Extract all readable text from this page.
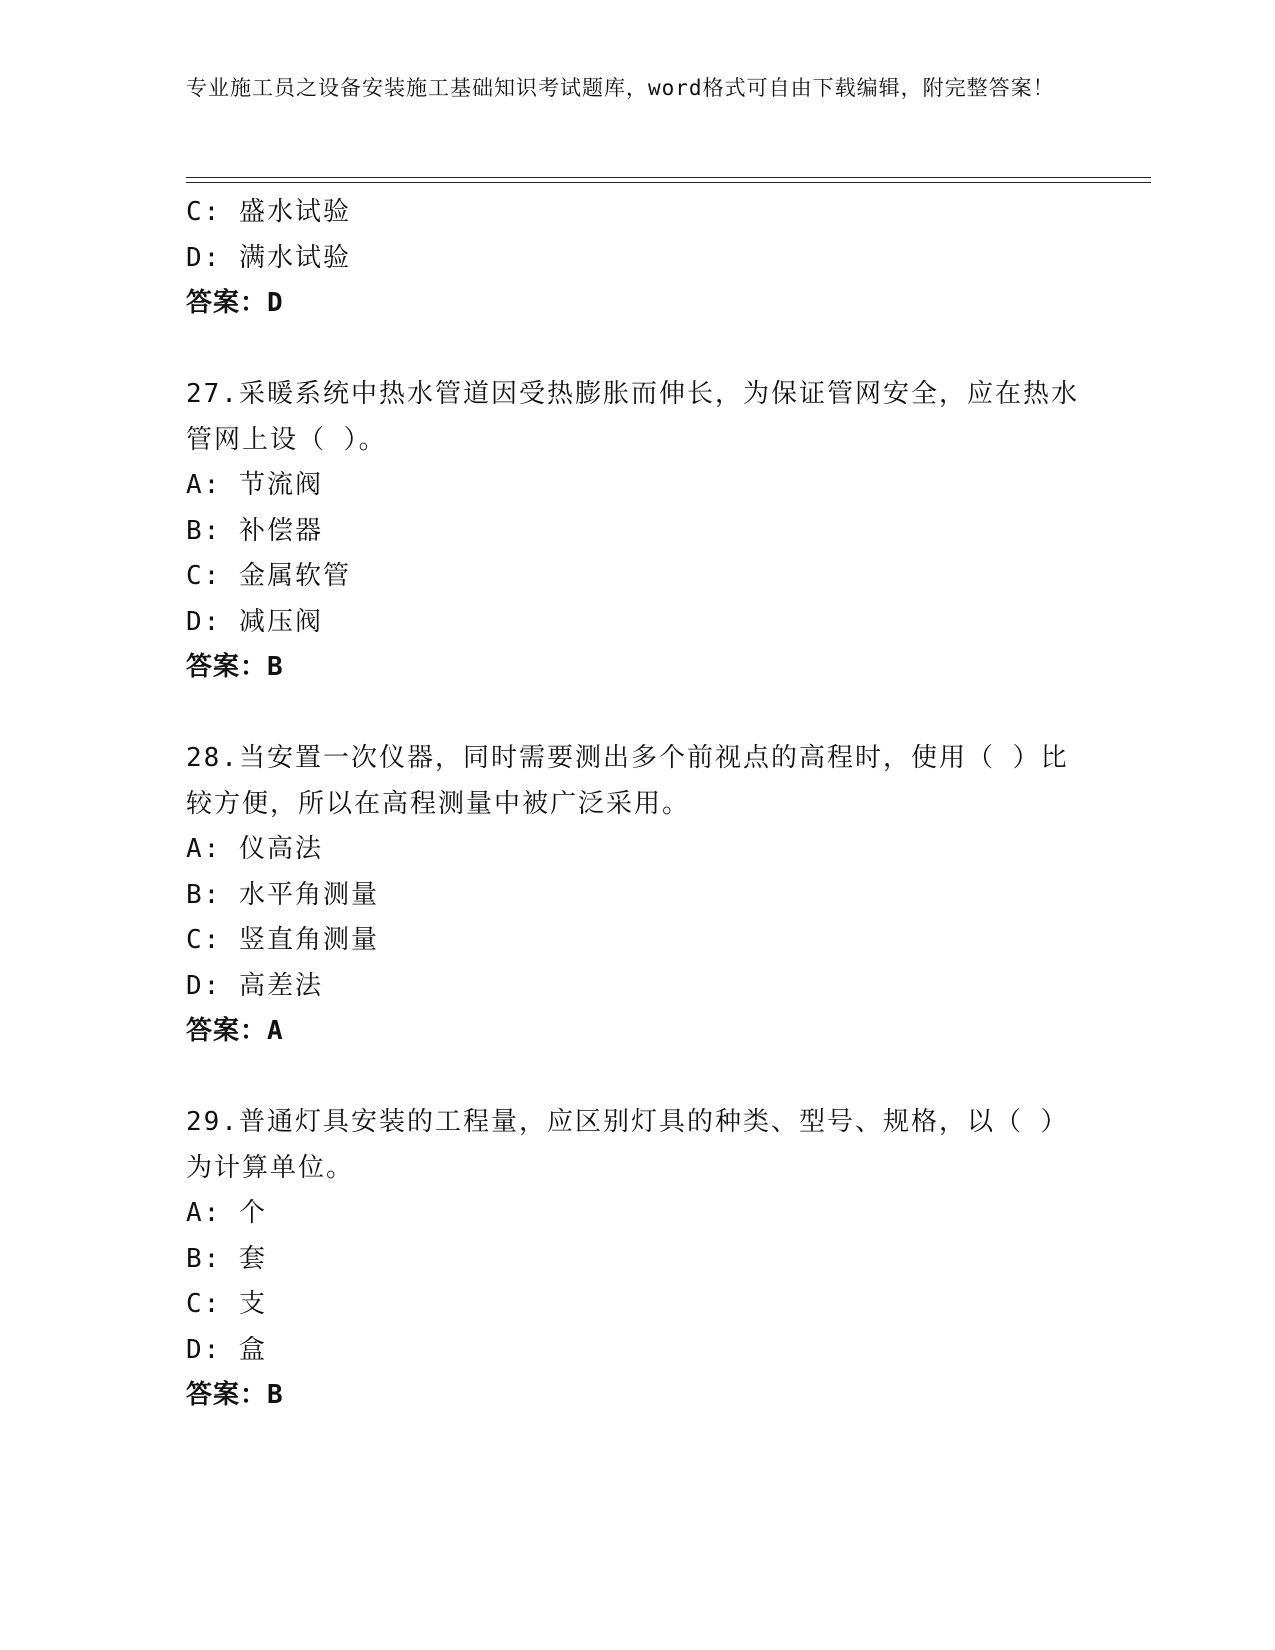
专业施工员之设备安装施工基础知识考试题库，word格式可自由下载编辑，附完整答案！
C: 盛水试验
D: 满水试验
答案：D
27.采暖系统中热水管道因受热膨胀而伸长，为保证管网安全，应在热水管网上设（ ）。
A: 节流阀
B: 补偿器
C: 金属软管
D: 减压阀
答案：B
28.当安置一次仪器，同时需要测出多个前视点的高程时，使用（ ）比较方便，所以在高程测量中被广泛采用。
A: 仪高法
B: 水平角测量
C: 竖直角测量
D: 高差法
答案：A
29.普通灯具安装的工程量，应区别灯具的种类、型号、规格，以（ ）为计算单位。
A: 个
B: 套
C: 支
D: 盒
答案：B
